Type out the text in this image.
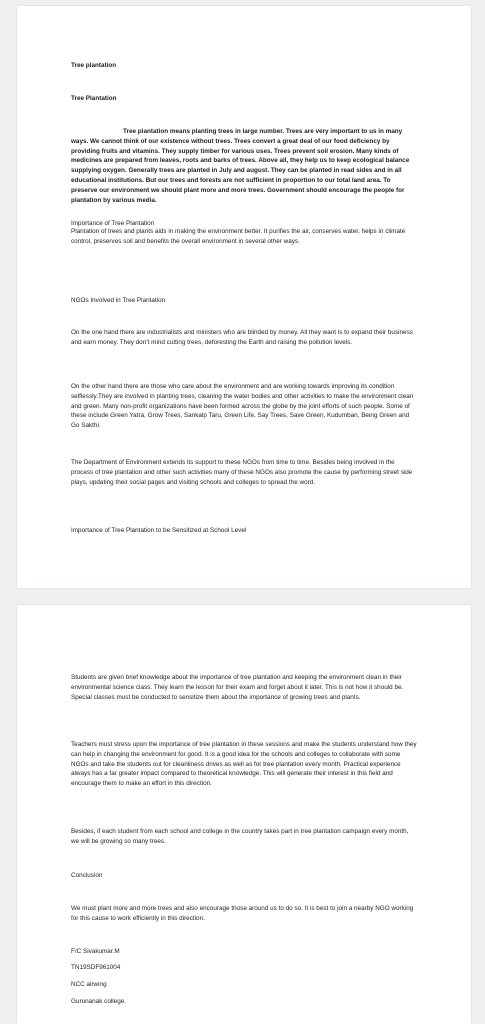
Tree plantation

Tree Plantation

Tree plantation means planting trees in large number. Trees are very important to us in many ways. We cannot think of our existence without trees. Trees convert a great deal of our food deficiency by providing fruits and vitamins. They supply timber for various uses. Trees prevent soil erosion. Many kinds of medicines are prepared from leaves, roots and barks of trees. Above all, they help us to keep ecological balance supplying oxygen. Generally trees are planted in July and august. They can be planted in read sides and in all educational institutions. But our trees and forests are not sufficient in proportion to our total land area. To preserve our environment we should plant more and more trees. Government should encourage the people for plantation by various media.

Importance of Tree Plantation

Plantation of trees and plants aids in making the environment better. It purifies the air, conserves water, helps in climate control, preserves soil and benefits the overall environment in several other ways.

NGOs Involved in Tree Plantation

On the one hand there are industrialists and ministers who are blinded by money. All they want is to expand their business and earn money. They don’t mind cutting trees, deforesting the Earth and raising the pollution levels.

On the other hand there are those who care about the environment and are working towards improving its condition selflessly.They are involved in planting trees, cleaning the water bodies and other activities to make the environment clean and green. Many non-profit organizations have been formed across the globe by the joint efforts of such people. Some of these include Green Yatra, Grow Trees, Sankalp Taru, Green Life, Say Trees, Save Green, Kudumban, Being Green and Go Sakthi.

The Department of Environment extends its support to these NGOs from time to time. Besides being involved in the process of tree plantation and other such activities many of these NGOs also promote the cause by performing street side plays, updating their social pages and visiting schools and colleges to spread the word.

Importance of Tree Plantation to be Sensitized at School Level

Students are given brief knowledge about the importance of tree plantation and keeping the environment clean in their environmental science class. They learn the lesson for their exam and forget about it later. This is not how it should be. Special classes must be conducted to sensitize them about the importance of growing trees and plants.

Teachers must stress upon the importance of tree plantation in these sessions and make the students understand how they can help in changing the environment for good. It is a good idea for the schools and colleges to collaborate with some NGOs and take the students out for cleanliness drives as well as for tree plantation every month. Practical experience always has a far greater impact compared to theoretical knowledge. This will generate their interest in this field and encourage them to make an effort in this direction.

Besides, if each student from each school and college in the country takes part in tree plantation campaign every month, we will be growing so many trees.

Conclusion

We must plant more and more trees and also encourage those around us to do so. It is best to join a nearby NGO working for this cause to work efficiently in this direction.

F/C Sivakumar.M

TN19SDF961004

NCC airwing

Gurunanak college.
